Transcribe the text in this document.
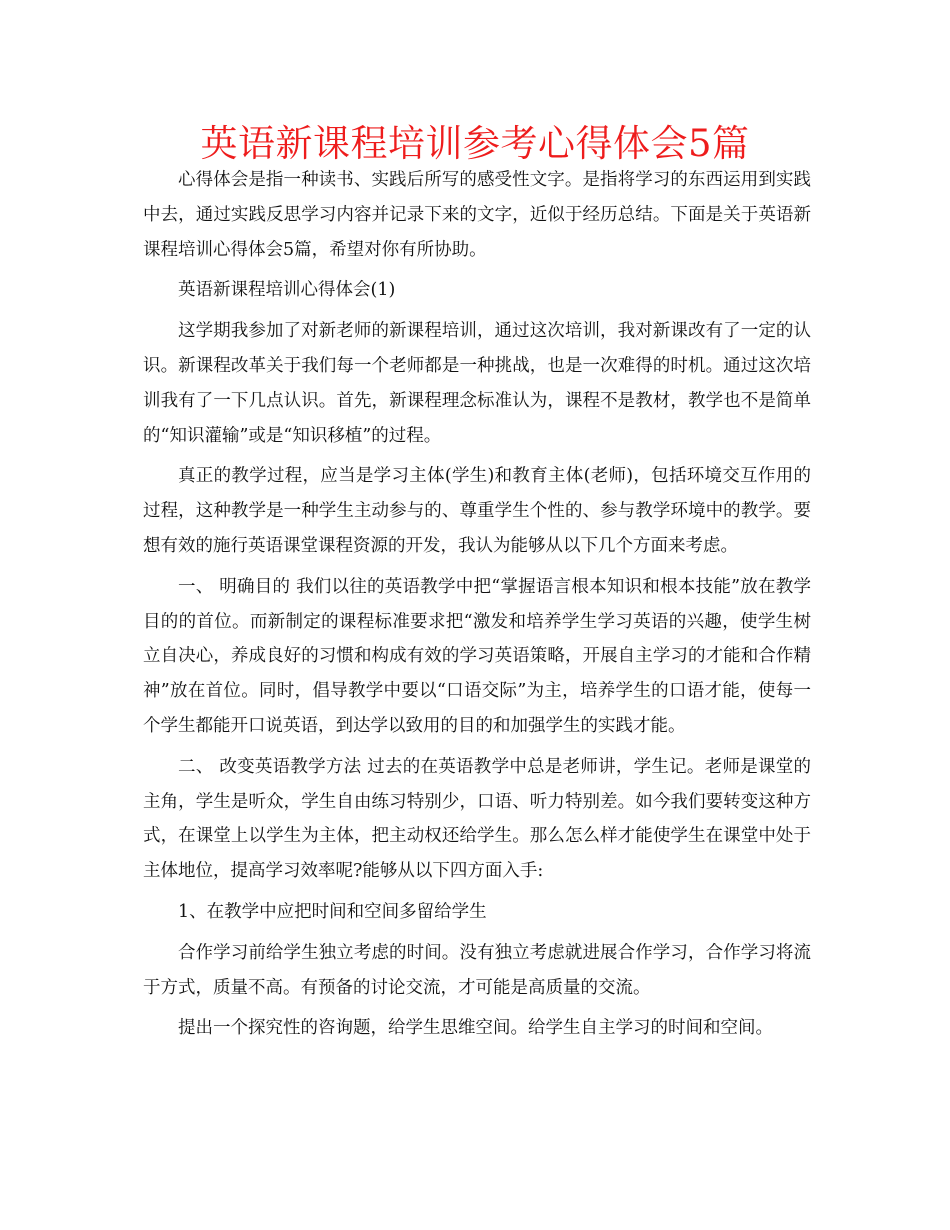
英语新课程培训参考心得体会5篇

心得体会是指一种读书、实践后所写的感受性文字。是指将学习的东西运用到实践中去，通过实践反思学习内容并记录下来的文字，近似于经历总结。下面是关于英语新课程培训心得体会5篇，希望对你有所协助。

英语新课程培训心得体会(1)

这学期我参加了对新老师的新课程培训，通过这次培训，我对新课改有了一定的认识。新课程改革关于我们每一个老师都是一种挑战，也是一次难得的时机。通过这次培训我有了一下几点认识。首先，新课程理念标准认为，课程不是教材，教学也不是简单的“知识灌输”或是“知识移植”的过程。

真正的教学过程，应当是学习主体(学生)和教育主体(老师)，包括环境交互作用的过程，这种教学是一种学生主动参与的、尊重学生个性的、参与教学环境中的教学。要想有效的施行英语课堂课程资源的开发，我认为能够从以下几个方面来考虑。

一、 明确目的 我们以往的英语教学中把“掌握语言根本知识和根本技能”放在教学目的的首位。而新制定的课程标准要求把“激发和培养学生学习英语的兴趣，使学生树立自决心，养成良好的习惯和构成有效的学习英语策略，开展自主学习的才能和合作精神”放在首位。同时，倡导教学中要以“口语交际”为主，培养学生的口语才能，使每一个学生都能开口说英语，到达学以致用的目的和加强学生的实践才能。

二、 改变英语教学方法 过去的在英语教学中总是老师讲，学生记。老师是课堂的主角，学生是听众，学生自由练习特别少，口语、听力特别差。如今我们要转变这种方式，在课堂上以学生为主体，把主动权还给学生。那么怎么样才能使学生在课堂中处于主体地位，提高学习效率呢?能够从以下四方面入手:

1、在教学中应把时间和空间多留给学生

合作学习前给学生独立考虑的时间。没有独立考虑就进展合作学习，合作学习将流于方式，质量不高。有预备的讨论交流，才可能是高质量的交流。

提出一个探究性的咨询题，给学生思维空间。给学生自主学习的时间和空间。
